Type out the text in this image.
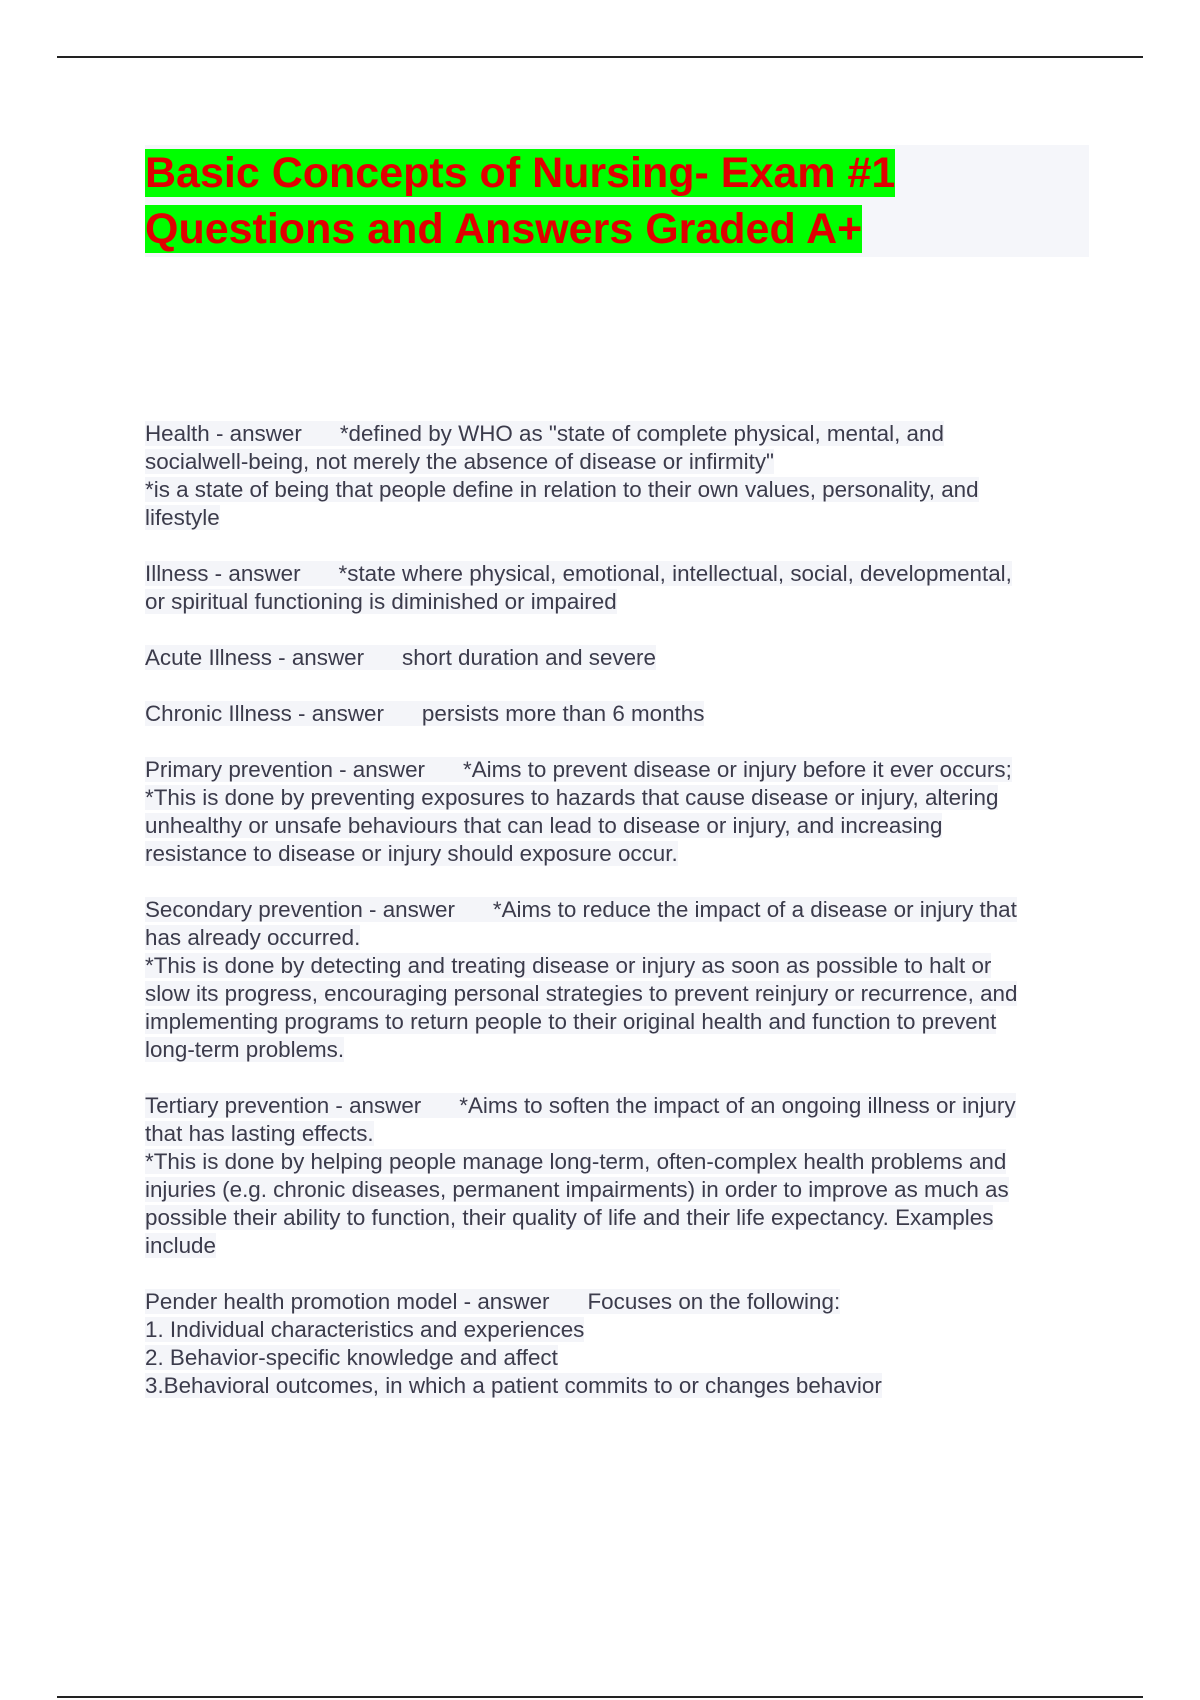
Basic Concepts of Nursing- Exam #1
Questions and Answers Graded A+
Health - answer *defined by WHO as "state of complete physical, mental, and
socialwell-being, not merely the absence of disease or infirmity"
*is a state of being that people define in relation to their own values, personality, and
lifestyle
Illness - answer *state where physical, emotional, intellectual, social, developmental,
or spiritual functioning is diminished or impaired
Acute Illness - answer short duration and severe
Chronic Illness - answer persists more than 6 months
Primary prevention - answer *Aims to prevent disease or injury before it ever occurs;
*This is done by preventing exposures to hazards that cause disease or injury, altering
unhealthy or unsafe behaviours that can lead to disease or injury, and increasing
resistance to disease or injury should exposure occur.
Secondary prevention - answer *Aims to reduce the impact of a disease or injury that
has already occurred.
*This is done by detecting and treating disease or injury as soon as possible to halt or
slow its progress, encouraging personal strategies to prevent reinjury or recurrence, and
implementing programs to return people to their original health and function to prevent
long-term problems.
Tertiary prevention - answer *Aims to soften the impact of an ongoing illness or injury
that has lasting effects.
*This is done by helping people manage long-term, often-complex health problems and
injuries (e.g. chronic diseases, permanent impairments) in order to improve as much as
possible their ability to function, their quality of life and their life expectancy. Examples
include
Pender health promotion model - answer Focuses on the following:
1. Individual characteristics and experiences
2. Behavior-specific knowledge and affect
3.Behavioral outcomes, in which a patient commits to or changes behavior
